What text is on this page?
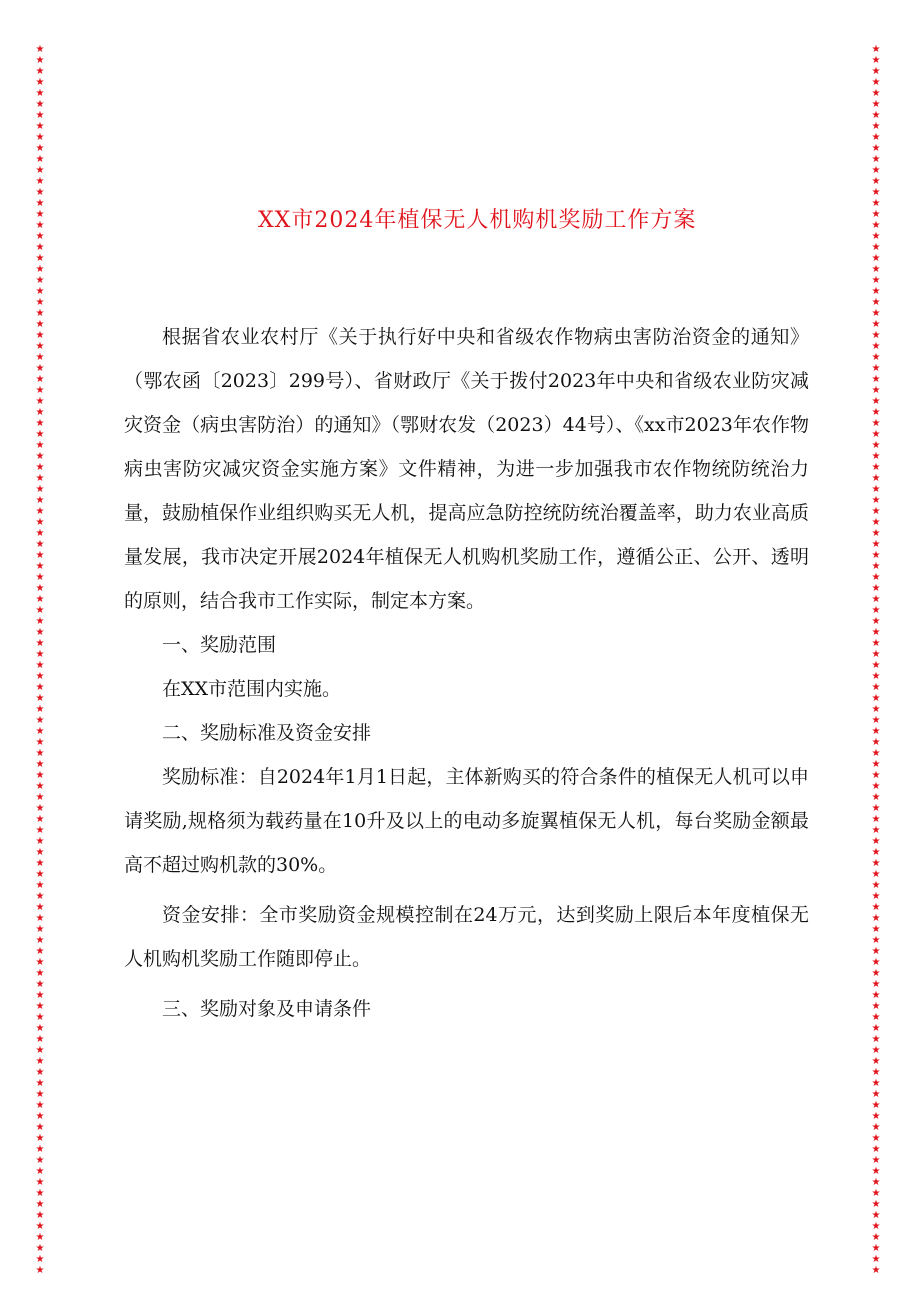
★
★
★
★
★
★
★
★
★
★
★
★
★
★
★
★
★
★
★
★
★
★
★
★
★
★
★
★
★
★
★
★
★
★
★
★
★
★
★
★
★
★
★
★
★
★
★
★
★
★
★
★
★
★
★
★
★
★
★
★
★
★
★
★
★
★
★
★
★
★
★
★
★
★
★
★
★
★
★
★
★
★
★
★
★
★
★
★
★
★
★
★
★
★
★
★
★
★
★
★
★
★
★
★
★
★
★
★
★
★
★
★
★
★
★
★
★
★
★
★
★
★
★
★
★
★
★
★
★
★
★
★
★
★
★
★
★
★
★
★
★
★
★
★
★
★
★
★
★
★
★
★
★
★
★
★
★
★
★
★
★
★
★
★
★
★
★
★
★
★
★
★
★
★
★
★
★
★
★
★
★
★
★
★
★
★
★
★
★
★
★
★
★
★
★
★
★
★
★
★
★
★
★
★
★
★
★
★
★
★
★
★
★
★
★
★
★
★
★
★
★
★
★
★
XX市2024年植保无人机购机奖励工作方案

根据省农业农村厅《关于执行好中央和省级农作物病虫害防治资金的通知》（鄂农函〔2023〕299号）、省财政厅《关于拨付2023年中央和省级农业防灾减灾资金（病虫害防治）的通知》（鄂财农发（2023）44号）、《xx市2023年农作物病虫害防灾减灾资金实施方案》文件精神，为进一步加强我市农作物统防统治力量，鼓励植保作业组织购买无人机，提高应急防控统防统治覆盖率，助力农业高质量发展，我市决定开展2024年植保无人机购机奖励工作，遵循公正、公开、透明的原则，结合我市工作实际，制定本方案。

一、奖励范围

在XX市范围内实施。

二、奖励标准及资金安排

奖励标准：自2024年1月1日起，主体新购买的符合条件的植保无人机可以申请奖励,规格须为载药量在10升及以上的电动多旋翼植保无人机，每台奖励金额最高不超过购机款的30%。

资金安排：全市奖励资金规模控制在24万元，达到奖励上限后本年度植保无人机购机奖励工作随即停止。

三、奖励对象及申请条件
